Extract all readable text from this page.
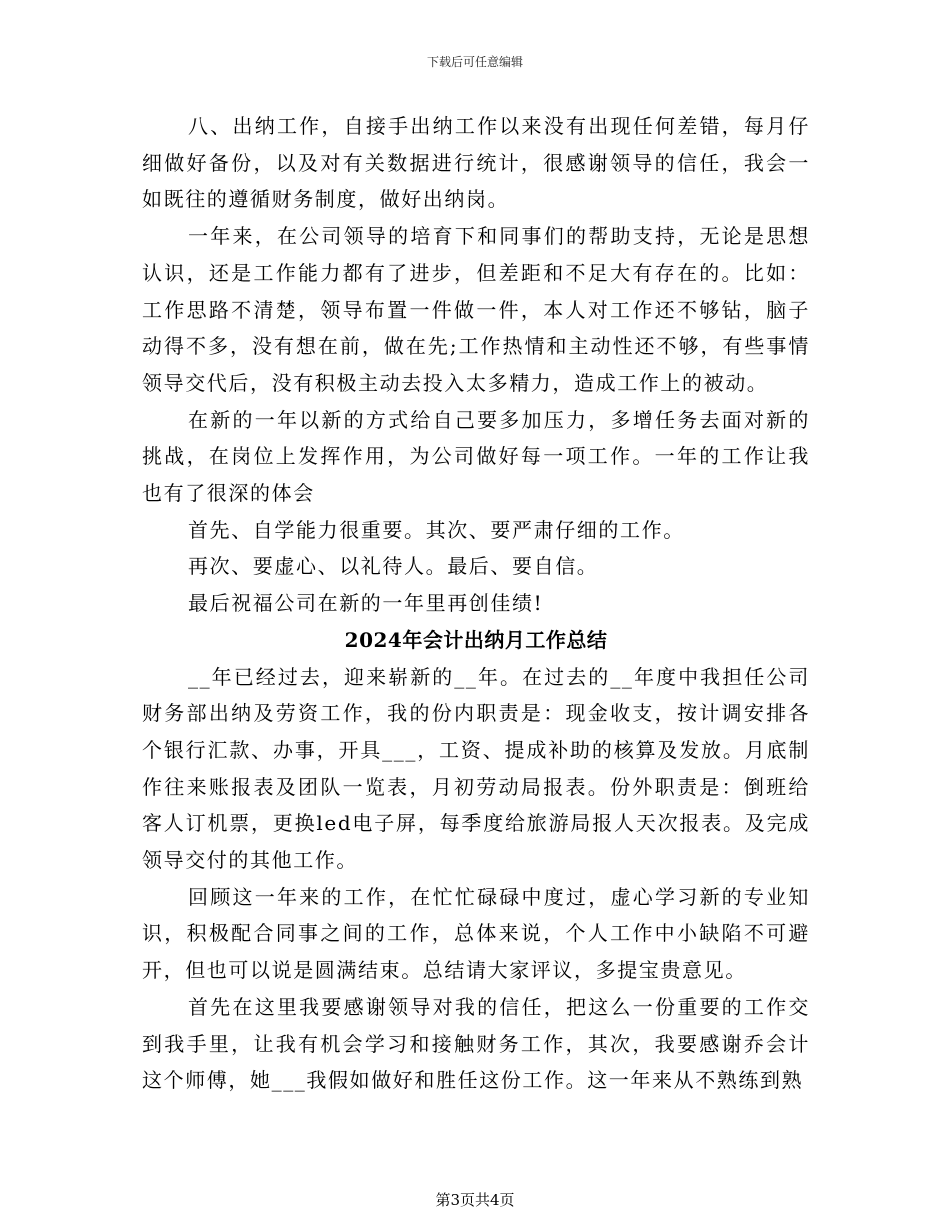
下载后可任意编辑

八、出纳工作，自接手出纳工作以来没有出现任何差错，每月仔细做好备份，以及对有关数据进行统计，很感谢领导的信任，我会一如既往的遵循财务制度，做好出纳岗。

一年来，在公司领导的培育下和同事们的帮助支持，无论是思想认识，还是工作能力都有了进步，但差距和不足大有存在的。比如：工作思路不清楚，领导布置一件做一件，本人对工作还不够钻，脑子动得不多，没有想在前，做在先;工作热情和主动性还不够，有些事情领导交代后，没有积极主动去投入太多精力，造成工作上的被动。

在新的一年以新的方式给自己要多加压力，多增任务去面对新的挑战，在岗位上发挥作用，为公司做好每一项工作。一年的工作让我也有了很深的体会

首先、自学能力很重要。其次、要严肃仔细的工作。

再次、要虚心、以礼待人。最后、要自信。

最后祝福公司在新的一年里再创佳绩!

2024年会计出纳月工作总结

__年已经过去，迎来崭新的__年。在过去的__年度中我担任公司财务部出纳及劳资工作，我的份内职责是：现金收支，按计调安排各个银行汇款、办事，开具___，工资、提成补助的核算及发放。月底制作往来账报表及团队一览表，月初劳动局报表。份外职责是：倒班给客人订机票，更换led电子屏，每季度给旅游局报人天次报表。及完成领导交付的其他工作。

回顾这一年来的工作，在忙忙碌碌中度过，虚心学习新的专业知识，积极配合同事之间的工作，总体来说，个人工作中小缺陷不可避开，但也可以说是圆满结束。总结请大家评议，多提宝贵意见。

首先在这里我要感谢领导对我的信任，把这么一份重要的工作交到我手里，让我有机会学习和接触财务工作，其次，我要感谢乔会计这个师傅，她___我假如做好和胜任这份工作。这一年来从不熟练到熟

第3页共4页
